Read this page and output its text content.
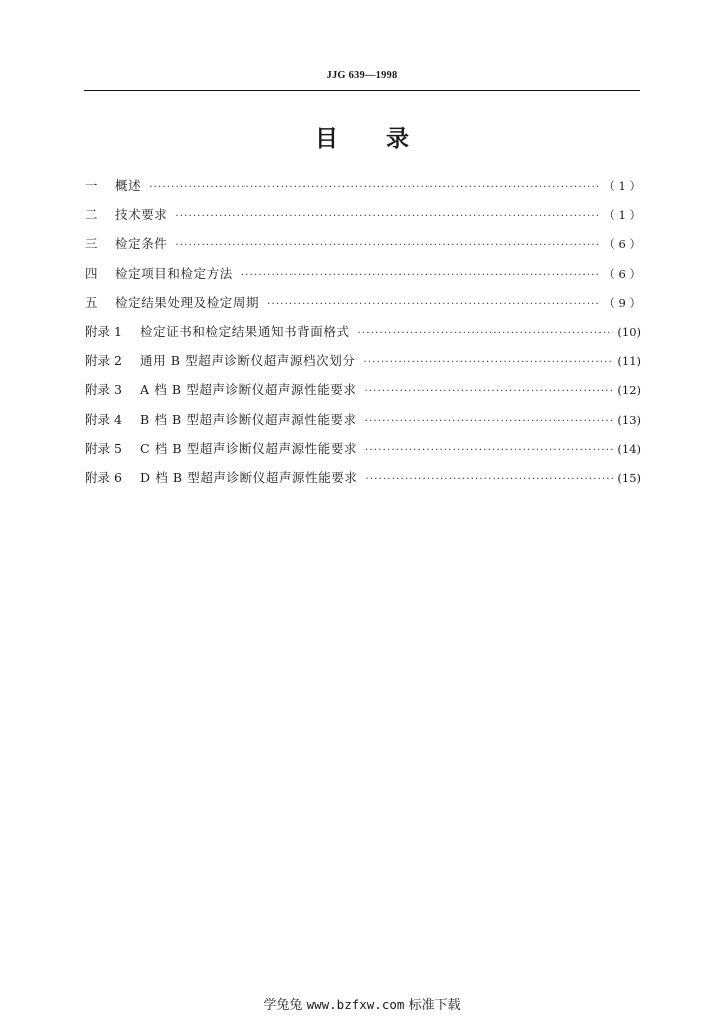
JJG 639—1998
目录
一	概述 ·····	（ 1 ）
二	技术要求 ·····	（ 1 ）
三	检定条件 ·····	（ 6 ）
四	检定项目和检定方法 ·····	（ 6 ）
五	检定结果处理及检定周期 ·····	（ 9 ）
附录 1	检定证书和检定结果通知书背面格式 ·····	(10)
附录 2	通用 B 型超声诊断仪超声源档次划分 ·····	(11)
附录 3	A 档 B 型超声诊断仪超声源性能要求 ·····	(12)
附录 4	B 档 B 型超声诊断仪超声源性能要求 ·····	(13)
附录 5	C 档 B 型超声诊断仪超声源性能要求 ·····	(14)
附录 6	D 档 B 型超声诊断仪超声源性能要求 ·····	(15)
学兔兔 www.bzfxw.com 标准下载
